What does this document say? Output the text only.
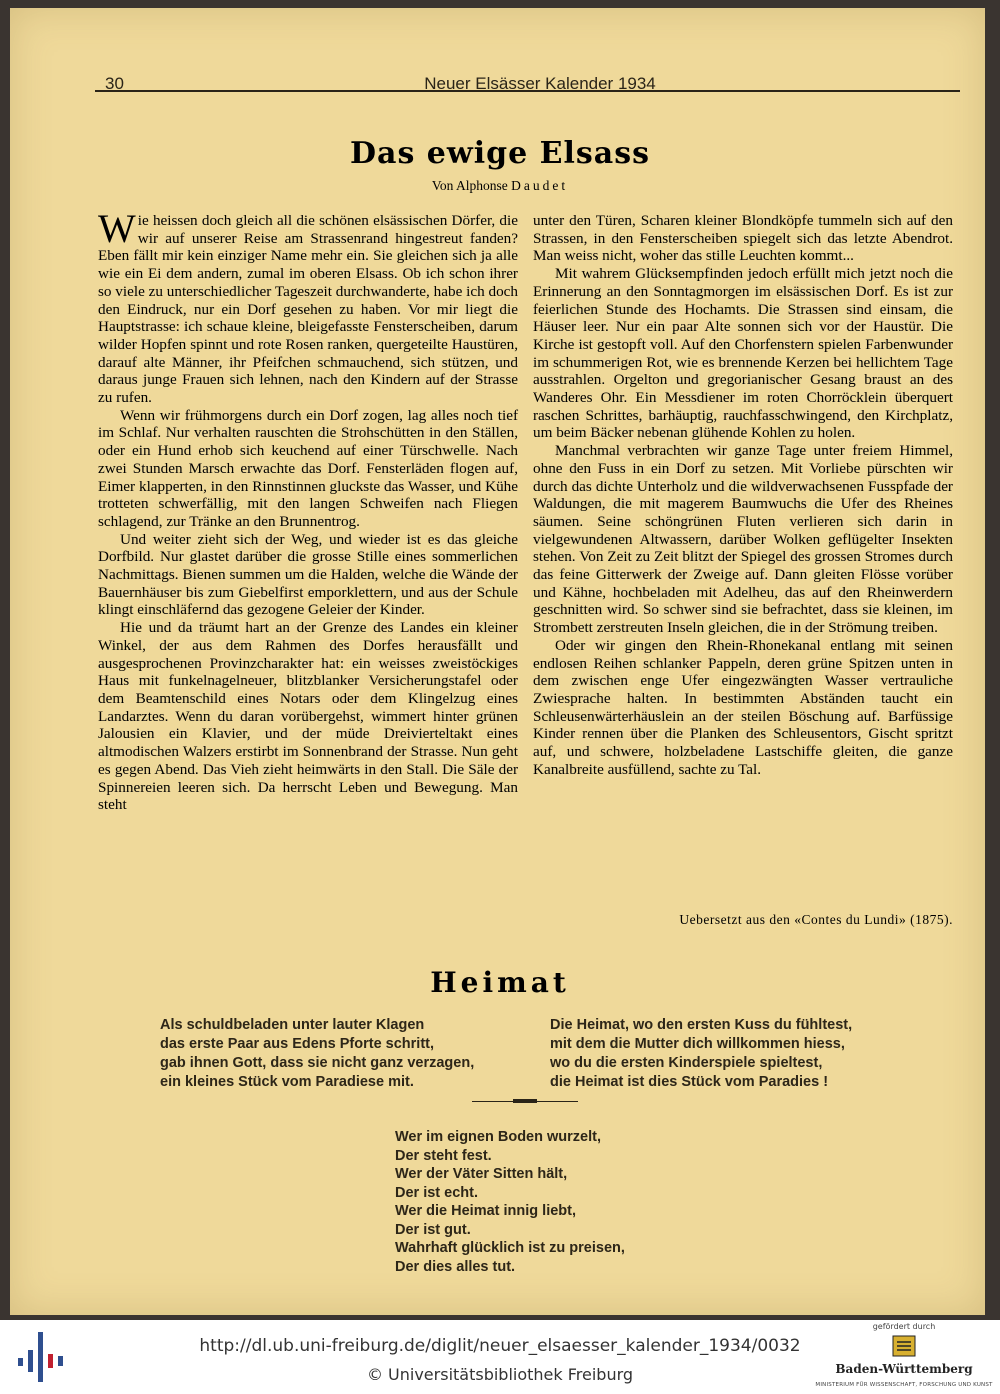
30	Neuer Elsässer Kalender 1934
Das ewige Elsass
Von Alphonse Daudet

Wie heissen doch gleich all die schönen elsässischen Dörfer, die wir auf unserer Reise am Strassenrand hingestreut fanden? Eben fällt mir kein einziger Name mehr ein. Sie gleichen sich ja alle wie ein Ei dem andern, zumal im oberen Elsass. Ob ich schon ihrer so viele zu unterschiedlicher Tageszeit durchwanderte, habe ich doch den Eindruck, nur ein Dorf gesehen zu haben. Vor mir liegt die Hauptstrasse: ich schaue kleine, bleigefasste Fensterscheiben, darum wilder Hopfen spinnt und rote Rosen ranken, quergeteilte Haustüren, darauf alte Männer, ihr Pfeifchen schmauchend, sich stützen, und daraus junge Frauen sich lehnen, nach den Kindern auf der Strasse zu rufen.

Wenn wir frühmorgens durch ein Dorf zogen, lag alles noch tief im Schlaf. Nur verhalten rauschten die Strohschütten in den Ställen, oder ein Hund erhob sich keuchend auf einer Türschwelle. Nach zwei Stunden Marsch erwachte das Dorf. Fensterläden flogen auf, Eimer klapperten, in den Rinnstinnen gluckste das Wasser, und Kühe trotteten schwerfällig, mit den langen Schweifen nach Fliegen schlagend, zur Tränke an den Brunnentrog.

Und weiter zieht sich der Weg, und wieder ist es das gleiche Dorfbild. Nur glastet darüber die grosse Stille eines sommerlichen Nachmittags. Bienen summen um die Halden, welche die Wände der Bauernhäuser bis zum Giebelfirst emporklettern, und aus der Schule klingt einschläfernd das gezogene Geleier der Kinder.

Hie und da träumt hart an der Grenze des Landes ein kleiner Winkel, der aus dem Rahmen des Dorfes herausfällt und ausgesprochenen Provinzcharakter hat: ein weisses zweistöckiges Haus mit funkelnagelneuer, blitzblanker Versicherungstafel oder dem Beamtenschild eines Notars oder dem Klingelzug eines Landarztes. Wenn du daran vorübergehst, wimmert hinter grünen Jalousien ein Klavier, und der müde Dreivierteltakt eines altmodischen Walzers erstirbt im Sonnenbrand der Strasse. Nun geht es gegen Abend. Das Vieh zieht heimwärts in den Stall. Die Säle der Spinnereien leeren sich. Da herrscht Leben und Bewegung. Man steht

unter den Türen, Scharen kleiner Blondköpfe tummeln sich auf den Strassen, in den Fensterscheiben spiegelt sich das letzte Abendrot. Man weiss nicht, woher das stille Leuchten kommt...

Mit wahrem Glücksempfinden jedoch erfüllt mich jetzt noch die Erinnerung an den Sonntagmorgen im elsässischen Dorf. Es ist zur feierlichen Stunde des Hochamts. Die Strassen sind einsam, die Häuser leer. Nur ein paar Alte sonnen sich vor der Haustür. Die Kirche ist gestopft voll. Auf den Chorfenstern spielen Farbenwunder im schummerigen Rot, wie es brennende Kerzen bei hellichtem Tage ausstrahlen. Orgelton und gregorianischer Gesang braust an des Wanderes Ohr. Ein Messdiener im roten Chorröcklein überquert raschen Schrittes, barhäuptig, rauchfasschwingend, den Kirchplatz, um beim Bäcker nebenan glühende Kohlen zu holen.

Manchmal verbrachten wir ganze Tage unter freiem Himmel, ohne den Fuss in ein Dorf zu setzen. Mit Vorliebe pürschten wir durch das dichte Unterholz und die wildverwachsenen Fusspfade der Waldungen, die mit magerem Baumwuchs die Ufer des Rheines säumen. Seine schöngrünen Fluten verlieren sich darin in vielgewundenen Altwassern, darüber Wolken geflügelter Insekten stehen. Von Zeit zu Zeit blitzt der Spiegel des grossen Stromes durch das feine Gitterwerk der Zweige auf. Dann gleiten Flösse vorüber und Kähne, hochbeladen mit Adelheu, das auf den Rheinwerdern geschnitten wird. So schwer sind sie befrachtet, dass sie kleinen, im Strombett zerstreuten Inseln gleichen, die in der Strömung treiben.

Oder wir gingen den Rhein-Rhonekanal entlang mit seinen endlosen Reihen schlanker Pappeln, deren grüne Spitzen unten in dem zwischen enge Ufer eingezwängten Wasser vertrauliche Zwiesprache halten. In bestimmten Abständen taucht ein Schleusenwärterhäuslein an der steilen Böschung auf. Barfüssige Kinder rennen über die Planken des Schleusentors, Gischt spritzt auf, und schwere, holzbeladene Lastschiffe gleiten, die ganze Kanalbreite ausfüllend, sachte zu Tal.

Uebersetzt aus den «Contes du Lundi» (1875).
Heimat
Als schuldbeladen unter lauter Klagen
das erste Paar aus Edens Pforte schritt,
gab ihnen Gott, dass sie nicht ganz verzagen,
ein kleines Stück vom Paradiese mit.
Die Heimat, wo den ersten Kuss du fühltest,
mit dem die Mutter dich willkommen hiess,
wo du die ersten Kinderspiele spieltest,
die Heimat ist dies Stück vom Paradies !
Wer im eignen Boden wurzelt,
Der steht fest.
Wer der Väter Sitten hält,
Der ist echt.
Wer die Heimat innig liebt,
Der ist gut.
Wahrhaft glücklich ist zu preisen,
Der dies alles tut.
http://dl.ub.uni-freiburg.de/diglit/neuer_elsaesser_kalender_1934/0032
© Universitätsbibliothek Freiburg
gefördert durch
Baden-Württemberg
MINISTERIUM FÜR WISSENSCHAFT, FORSCHUNG UND KUNST
